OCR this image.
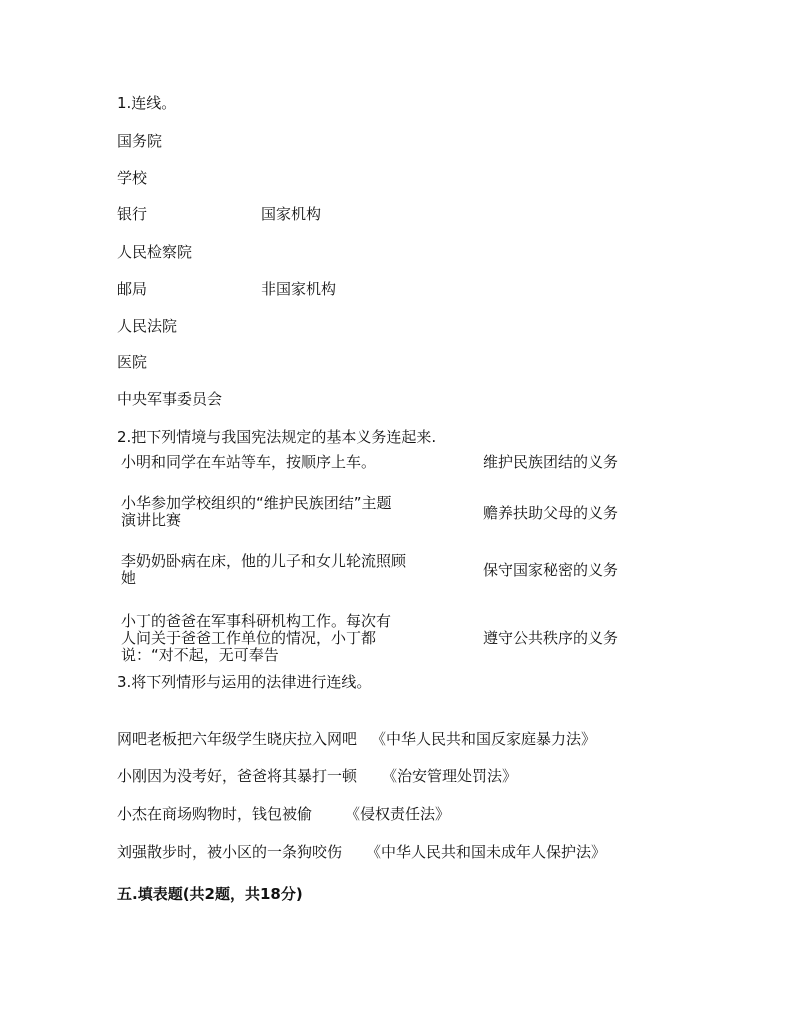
1.连线。
国务院
学校
银行
人民检察院
邮局
人民法院
医院
中央军事委员会
国家机构
非国家机构
2.把下列情境与我国宪法规定的基本义务连起来.
小明和同学在车站等车，按顺序上车。
小华参加学校组织的“维护民族团结”主题演讲比赛
李奶奶卧病在床，他的儿子和女儿轮流照顾她
小丁的爸爸在军事科研机构工作。每次有人问关于爸爸工作单位的情况，小丁都说：“对不起，无可奉告
维护民族团结的义务
赡养扶助父母的义务
保守国家秘密的义务
遵守公共秩序的义务
3.将下列情形与运用的法律进行连线。
网吧老板把六年级学生晓庆拉入网吧
小刚因为没考好，爸爸将其暴打一顿
小杰在商场购物时，钱包被偷
刘强散步时，被小区的一条狗咬伤
《中华人民共和国反家庭暴力法》
《治安管理处罚法》
《侵权责任法》
《中华人民共和国未成年人保护法》
五.填表题(共2题，共18分)
